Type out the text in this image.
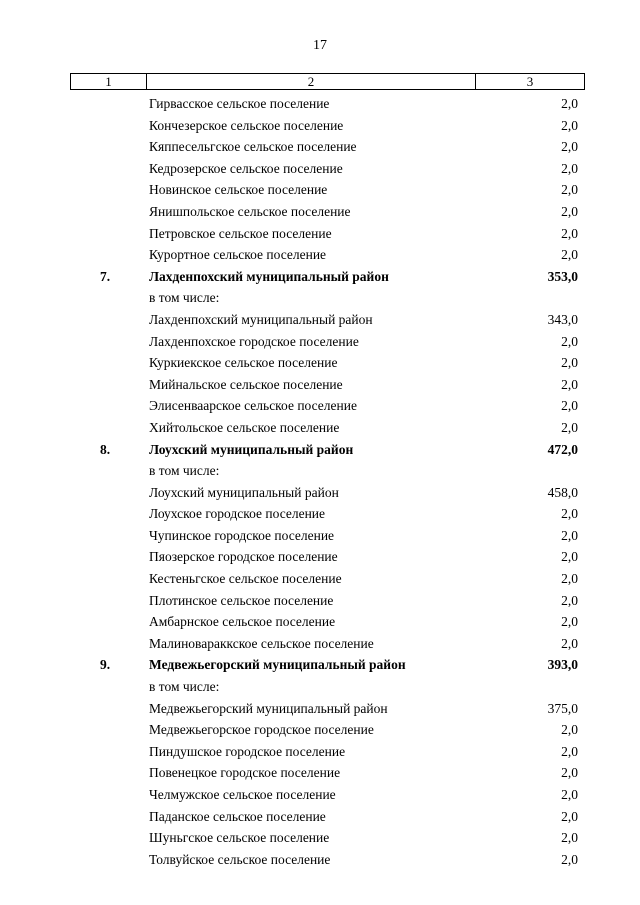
17
1	2	3
Гирвасское сельское поселение	2,0
Кончезерское сельское поселение	2,0
Кяппесельгское сельское поселение	2,0
Кедрозерское сельское поселение	2,0
Новинское сельское поселение	2,0
Янишпольское сельское поселение	2,0
Петровское сельское поселение	2,0
Курортное сельское поселение	2,0
7.	Лахденпохский муниципальный район	353,0
в том числе:
Лахденпохский муниципальный район	343,0
Лахденпохское городское поселение	2,0
Куркиекское сельское поселение	2,0
Мийнальское сельское поселение	2,0
Элисенваарское сельское поселение	2,0
Хийтольское сельское поселение	2,0
8.	Лоухский муниципальный район	472,0
в том числе:
Лоухский муниципальный район	458,0
Лоухское городское поселение	2,0
Чупинское городское поселение	2,0
Пяозерское городское поселение	2,0
Кестеньгское сельское поселение	2,0
Плотинское сельское поселение	2,0
Амбарнское сельское поселение	2,0
Малиновараккское сельское поселение	2,0
9.	Медвежьегорский муниципальный район	393,0
в том числе:
Медвежьегорский муниципальный район	375,0
Медвежьегорское городское поселение	2,0
Пиндушское городское поселение	2,0
Повенецкое городское поселение	2,0
Челмужское сельское поселение	2,0
Паданское сельское поселение	2,0
Шуньгское сельское поселение	2,0
Толвуйское сельское поселение	2,0
